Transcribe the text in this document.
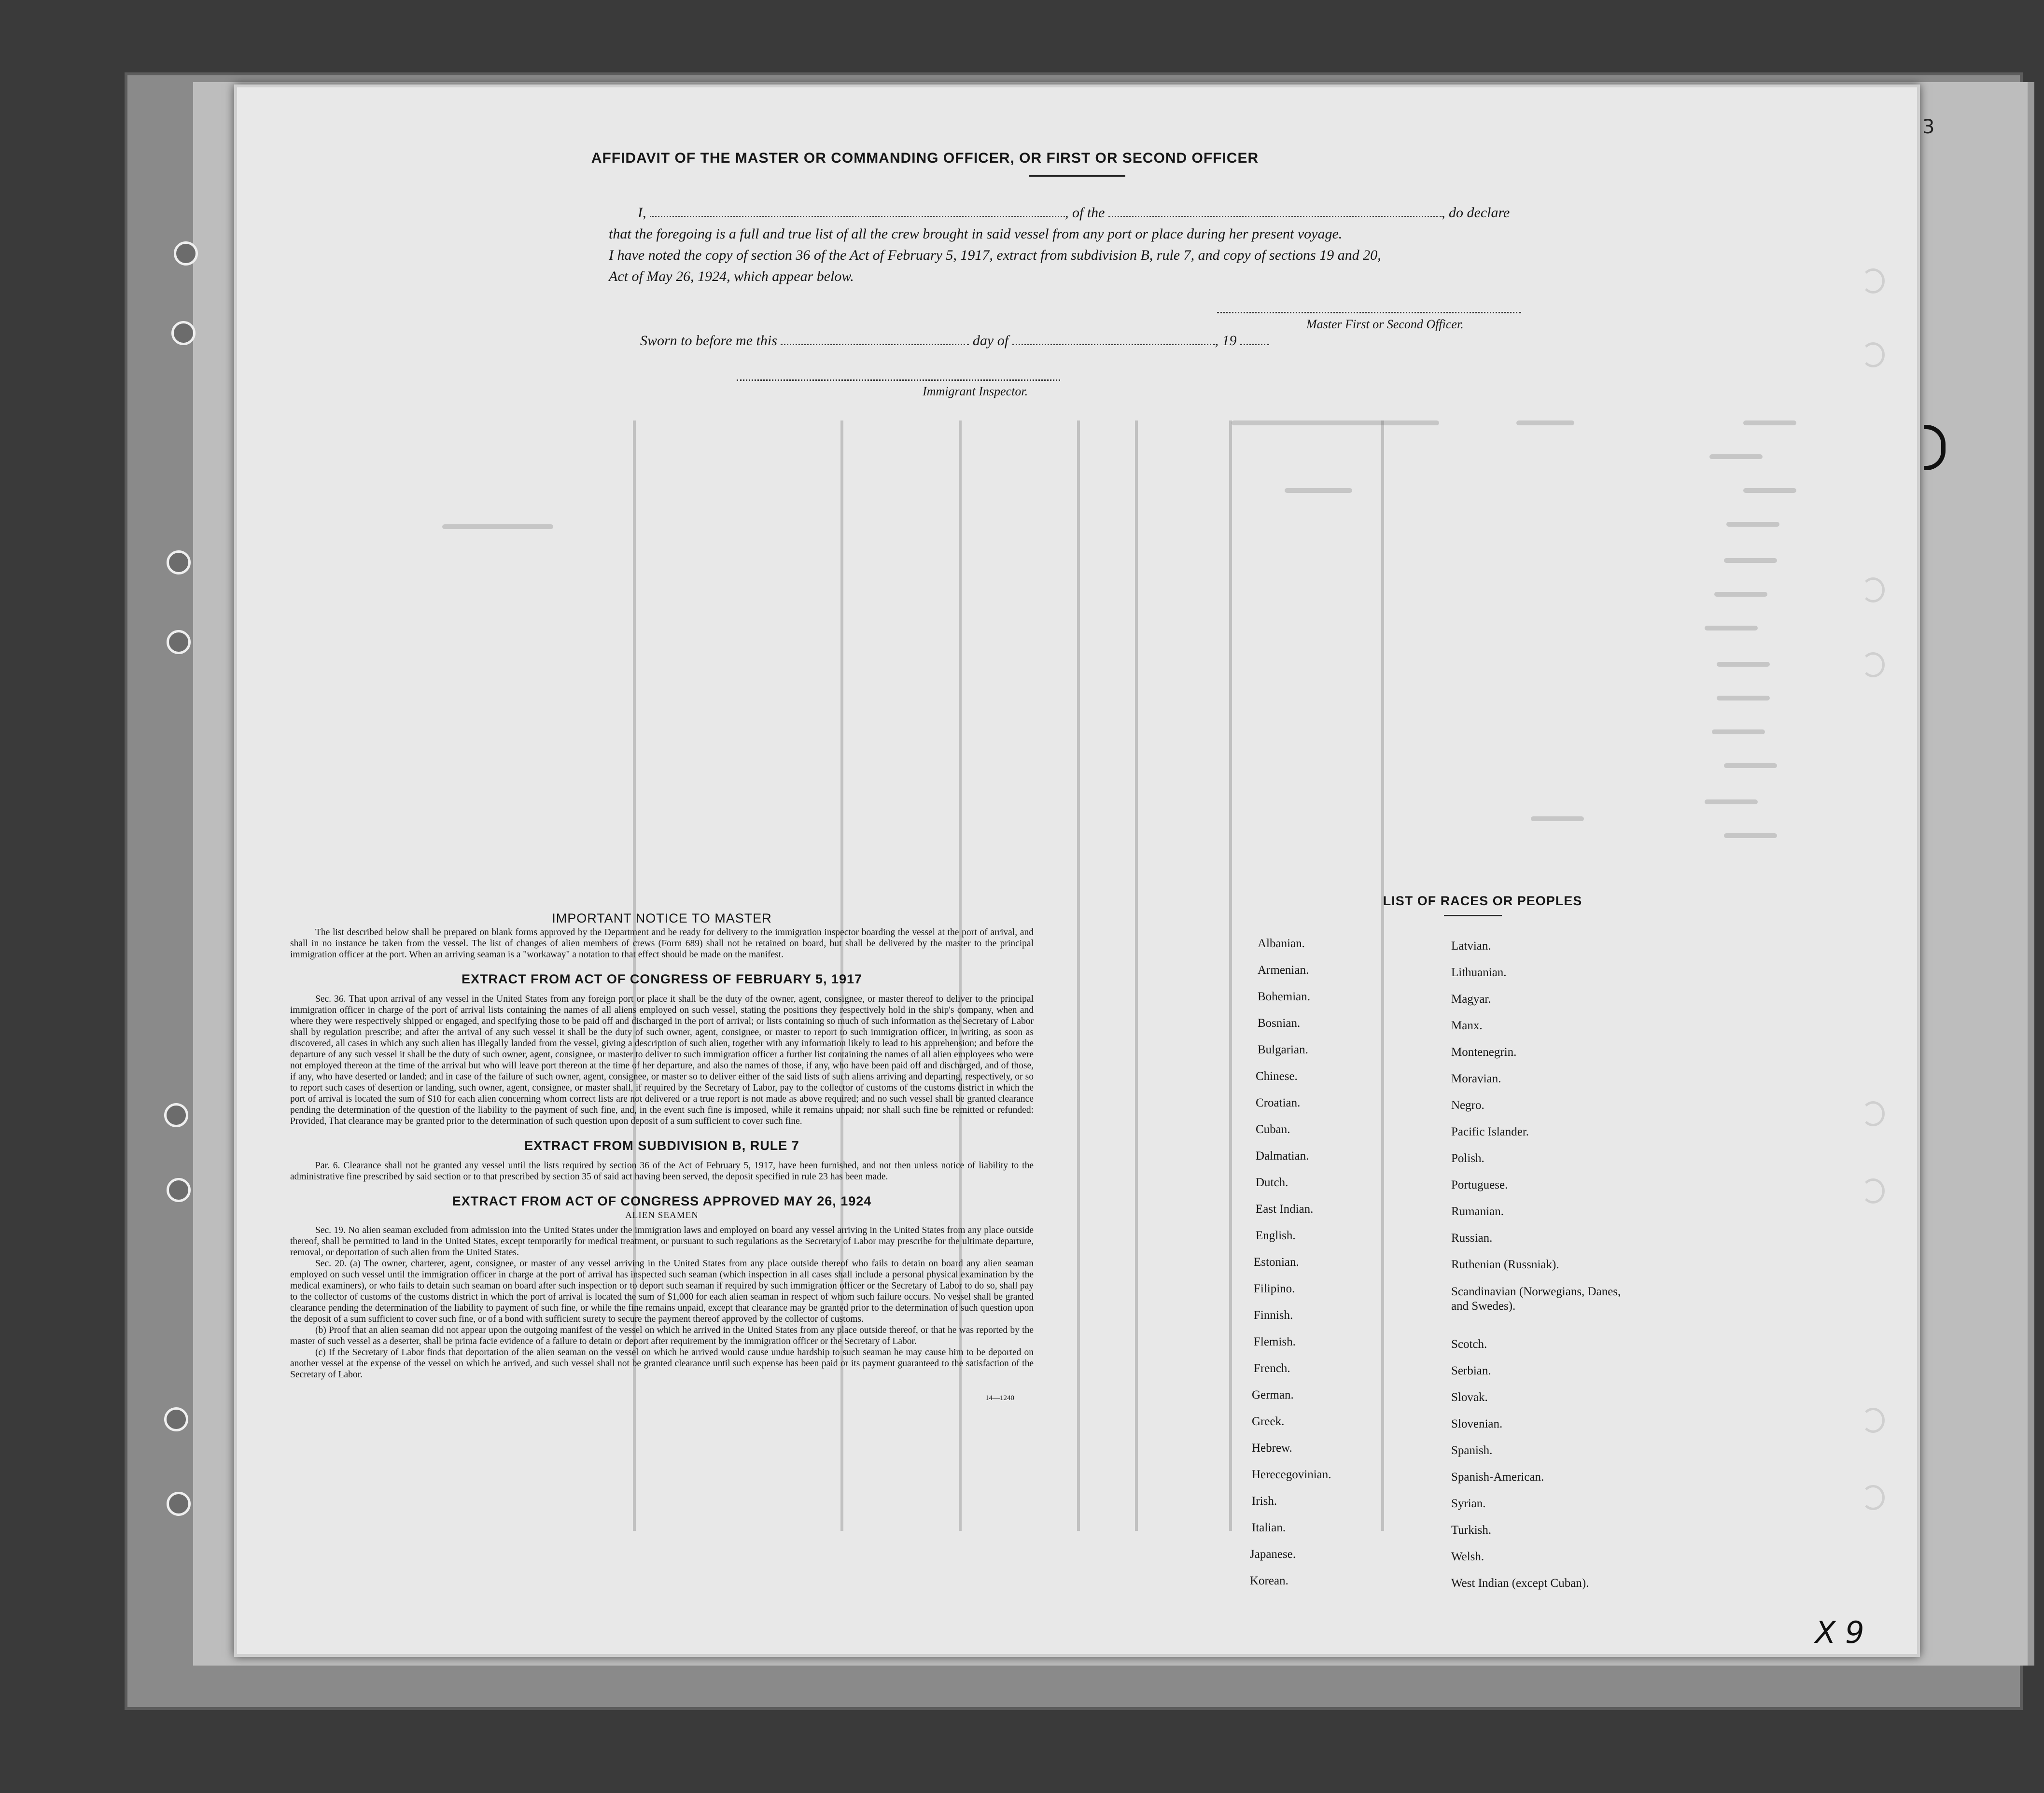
AFFIDAVIT OF THE MASTER OR COMMANDING OFFICER, OR FIRST OR SECOND OFFICER

I,	, of the	, do declare

that the foregoing is a full and true list of all the crew brought in said vessel from any port or place during her present voyage.

I have noted the copy of section 36 of the Act of February 5, 1917, extract from subdivision B, rule 7, and copy of sections 19 and 20,

Act of May 26, 1924, which appear below.

Master First or Second Officer.
Sworn to before me this	day of	, 19
Immigrant Inspector.
IMPORTANT NOTICE TO MASTER

The list described below shall be prepared on blank forms approved by the Department and be ready for delivery to the immigration inspector boarding the vessel at the port of arrival, and shall in no instance be taken from the vessel. The list of changes of alien members of crews (Form 689) shall not be retained on board, but shall be delivered by the master to the principal immigration officer at the port. When an arriving seaman is a "workaway" a notation to that effect should be made on the manifest.

EXTRACT FROM ACT OF CONGRESS OF FEBRUARY 5, 1917

Sec. 36. That upon arrival of any vessel in the United States from any foreign port or place it shall be the duty of the owner, agent, consignee, or master thereof to deliver to the principal immigration officer in charge of the port of arrival lists containing the names of all aliens employed on such vessel, stating the positions they respectively hold in the ship's company, when and where they were respectively shipped or engaged, and specifying those to be paid off and discharged in the port of arrival; or lists containing so much of such information as the Secretary of Labor shall by regulation prescribe; and after the arrival of any such vessel it shall be the duty of such owner, agent, consignee, or master to report to such immigration officer, in writing, as soon as discovered, all cases in which any such alien has illegally landed from the vessel, giving a description of such alien, together with any information likely to lead to his apprehension; and before the departure of any such vessel it shall be the duty of such owner, agent, consignee, or master to deliver to such immigration officer a further list containing the names of all alien employees who were not employed thereon at the time of the arrival but who will leave port thereon at the time of her departure, and also the names of those, if any, who have been paid off and discharged, and of those, if any, who have deserted or landed; and in case of the failure of such owner, agent, consignee, or master so to deliver either of the said lists of such aliens arriving and departing, respectively, or so to report such cases of desertion or landing, such owner, agent, consignee, or master shall, if required by the Secretary of Labor, pay to the collector of customs of the customs district in which the port of arrival is located the sum of $10 for each alien concerning whom correct lists are not delivered or a true report is not made as above required; and no such vessel shall be granted clearance pending the determination of the question of the liability to the payment of such fine, and, in the event such fine is imposed, while it remains unpaid; nor shall such fine be remitted or refunded: Provided, That clearance may be granted prior to the determination of such question upon deposit of a sum sufficient to cover such fine.

EXTRACT FROM SUBDIVISION B, RULE 7

Par. 6. Clearance shall not be granted any vessel until the lists required by section 36 of the Act of February 5, 1917, have been furnished, and not then unless notice of liability to the administrative fine prescribed by said section or to that prescribed by section 35 of said act having been served, the deposit specified in rule 23 has been made.

EXTRACT FROM ACT OF CONGRESS APPROVED MAY 26, 1924
ALIEN SEAMEN

Sec. 19. No alien seaman excluded from admission into the United States under the immigration laws and employed on board any vessel arriving in the United States from any place outside thereof, shall be permitted to land in the United States, except temporarily for medical treatment, or pursuant to such regulations as the Secretary of Labor may prescribe for the ultimate departure, removal, or deportation of such alien from the United States.

Sec. 20. (a) The owner, charterer, agent, consignee, or master of any vessel arriving in the United States from any place outside thereof who fails to detain on board any alien seaman employed on such vessel until the immigration officer in charge at the port of arrival has inspected such seaman (which inspection in all cases shall include a personal physical examination by the medical examiners), or who fails to detain such seaman on board after such inspection or to deport such seaman if required by such immigration officer or the Secretary of Labor to do so, shall pay to the collector of customs of the customs district in which the port of arrival is located the sum of $1,000 for each alien seaman in respect of whom such failure occurs. No vessel shall be granted clearance pending the determination of the liability to payment of such fine, or while the fine remains unpaid, except that clearance may be granted prior to the determination of such question upon the deposit of a sum sufficient to cover such fine, or of a bond with sufficient surety to secure the payment thereof approved by the collector of customs.

(b) Proof that an alien seaman did not appear upon the outgoing manifest of the vessel on which he arrived in the United States from any place outside thereof, or that he was reported by the master of such vessel as a deserter, shall be prima facie evidence of a failure to detain or deport after requirement by the immigration officer or the Secretary of Labor.

(c) If the Secretary of Labor finds that deportation of the alien seaman on the vessel on which he arrived would cause undue hardship to such seaman he may cause him to be deported on another vessel at the expense of the vessel on which he arrived, and such vessel shall not be granted clearance until such expense has been paid or its payment guaranteed to the satisfaction of the Secretary of Labor.

14—1240
LIST OF RACES OR PEOPLES
Albanian.
Armenian.
Bohemian.
Bosnian.
Bulgarian.
Chinese.
Croatian.
Cuban.
Dalmatian.
Dutch.
East Indian.
English.
Estonian.
Filipino.
Finnish.
Flemish.
French.
German.
Greek.
Hebrew.
Herecegovinian.
Irish.
Italian.
Japanese.
Korean.
Latvian.
Lithuanian.
Magyar.
Manx.
Montenegrin.
Moravian.
Negro.
Pacific Islander.
Polish.
Portuguese.
Rumanian.
Russian.
Ruthenian (Russniak).
Scandinavian (Norwegians, Danes, and Swedes).
Scotch.
Serbian.
Slovak.
Slovenian.
Spanish.
Spanish-American.
Syrian.
Turkish.
Welsh.
West Indian (except Cuban).
3
X 9
